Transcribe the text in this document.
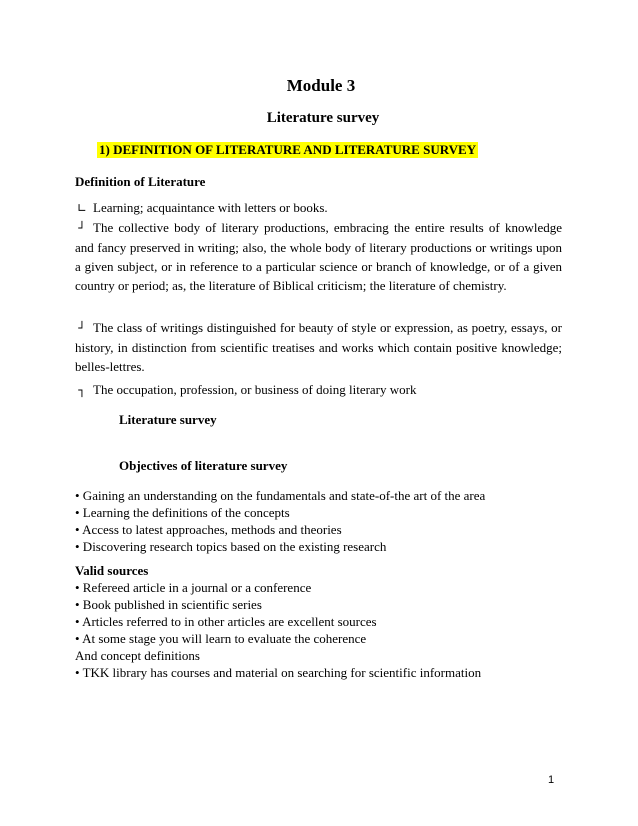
Module 3
Literature survey
1) DEFINITION OF LITERATURE AND LITERATURE SURVEY
Definition of Literature
∟ Learning; acquaintance with letters or books.

┘ The collective body of literary productions, embracing the entire results of knowledge and fancy preserved in writing; also, the whole body of literary productions or writings upon a given subject, or in reference to a particular science or branch of knowledge, or of a given country or period; as, the literature of Biblical criticism; the literature of chemistry.

┘ The class of writings distinguished for beauty of style or expression, as poetry, essays, or history, in distinction from scientific treatises and works which contain positive knowledge; belles-lettres.

┐ The occupation, profession, or business of doing literary work
Literature survey
Objectives of literature survey
• Gaining an understanding on the fundamentals and state-of-the art of the area
• Learning the definitions of the concepts
• Access to latest approaches, methods and theories
• Discovering research topics based on the existing research
Valid sources
• Refereed article in a journal or a conference
• Book published in scientific series
• Articles referred to in other articles are excellent sources
• At some stage you will learn to evaluate the coherence
And concept definitions
• TKK library has courses and material on searching for scientific information
1
